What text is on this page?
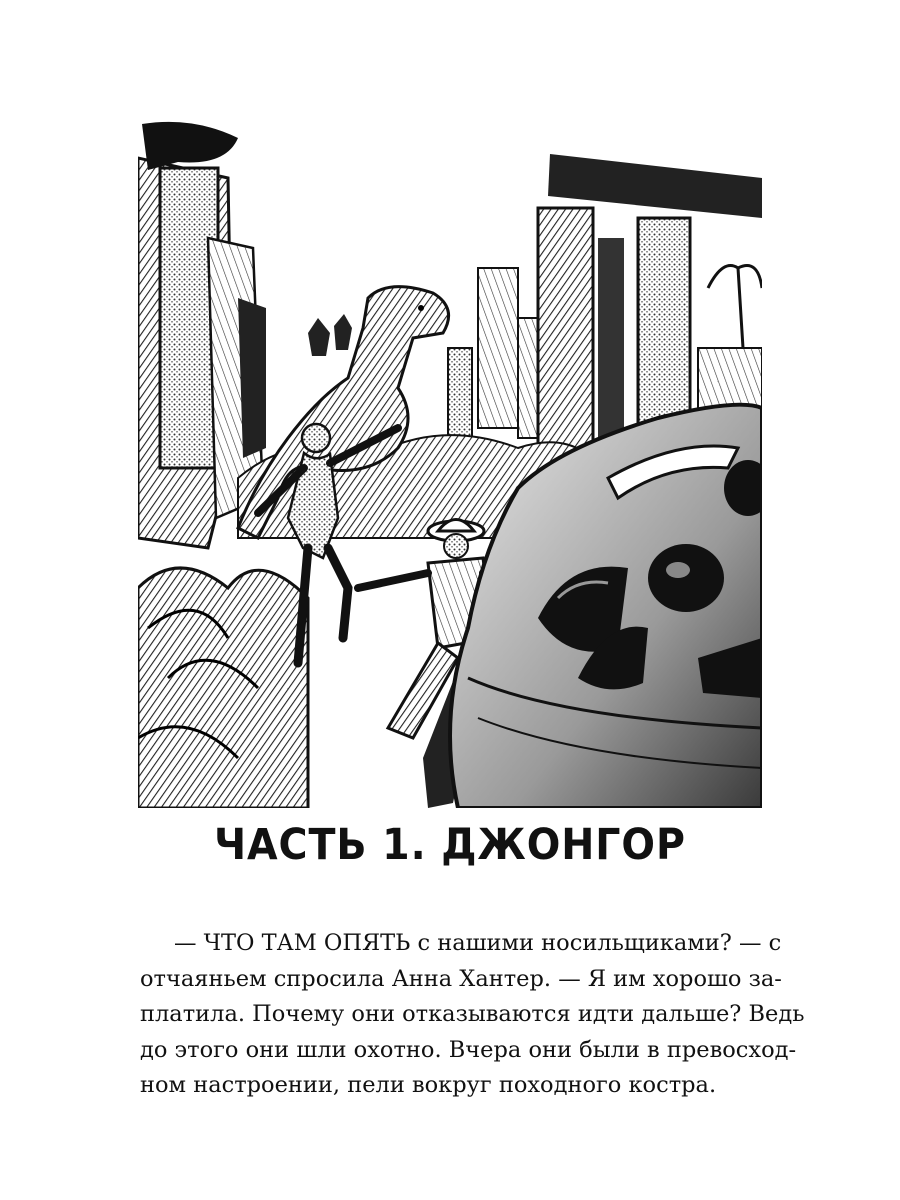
ЧАСТЬ 1. ДЖОНГОР
— ЧТО ТАМ ОПЯТЬ с нашими носильщиками? — с
отчаяньем спросила Анна Хантер. — Я им хорошо за-
платила. Почему они отказываются идти дальше? Ведь
до этого они шли охотно. Вчера они были в превосход-
ном настроении, пели вокруг походного костра.
